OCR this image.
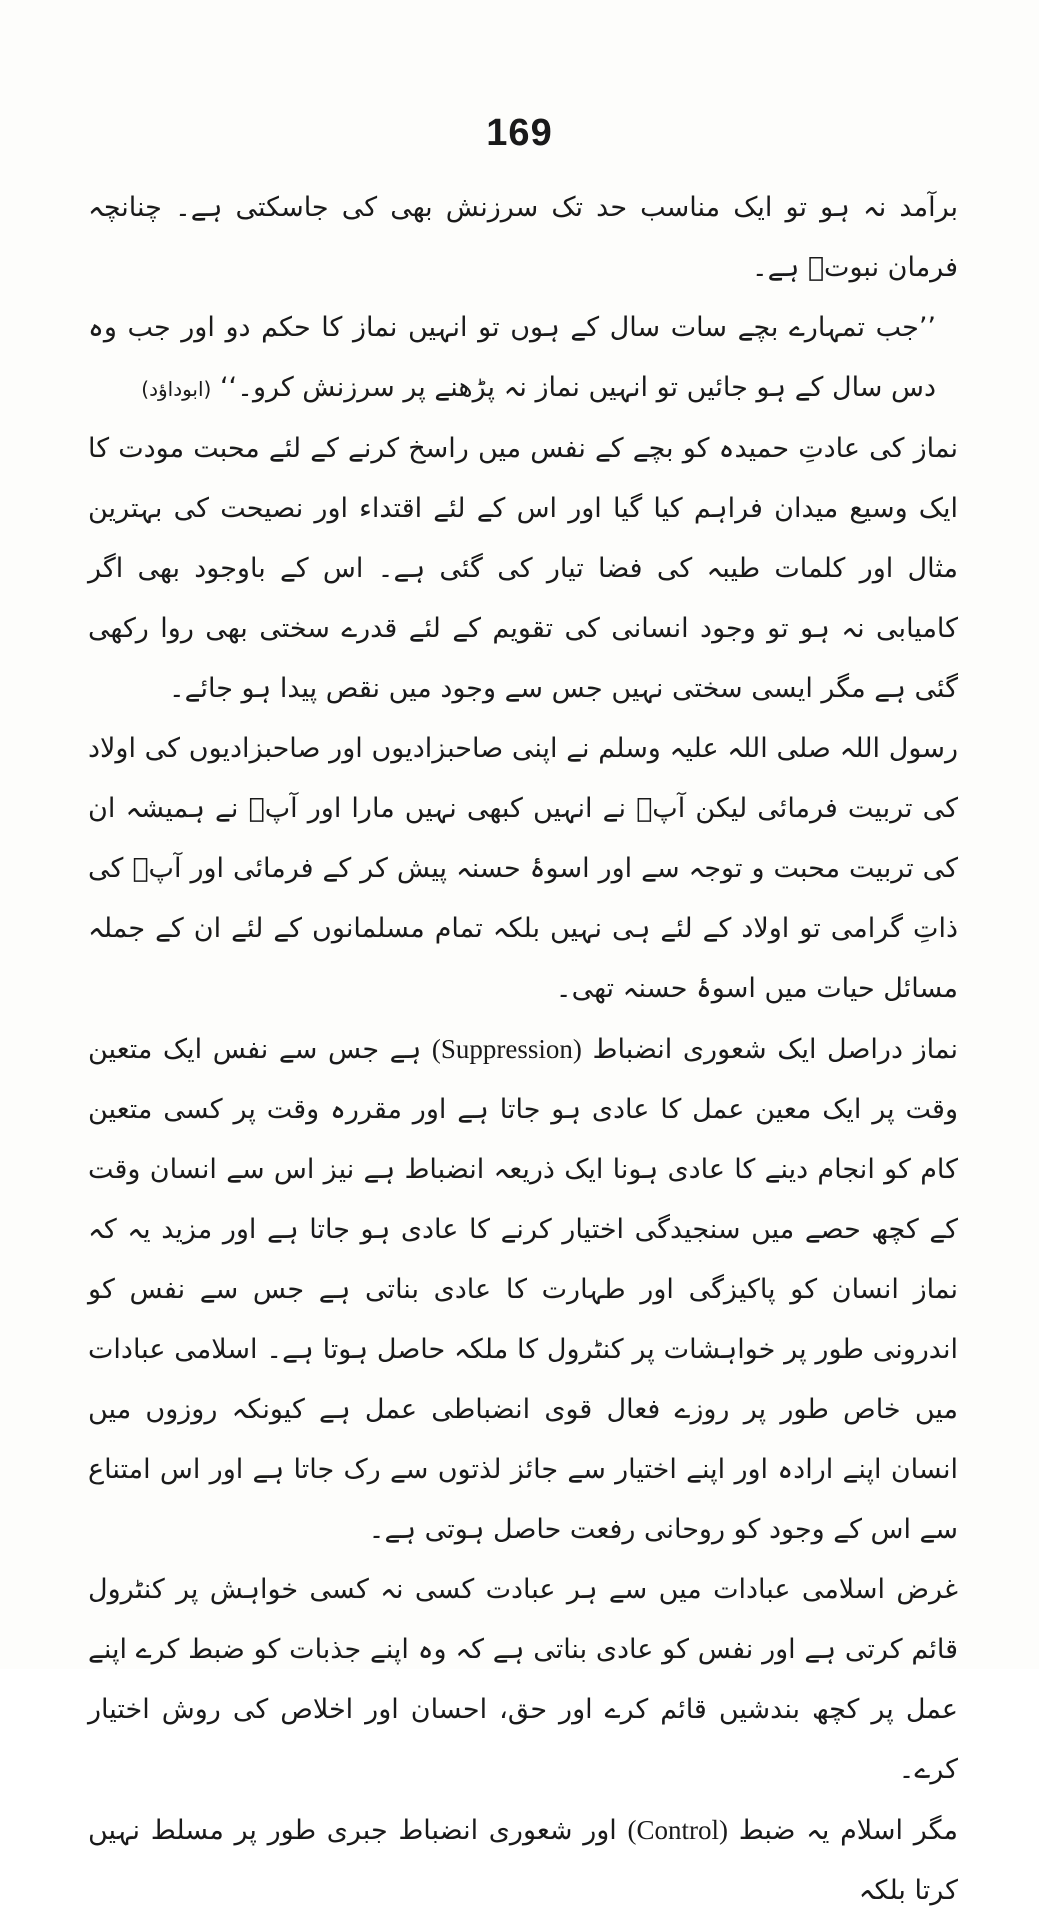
169

برآمد نہ ہو تو ایک مناسب حد تک سرزنش بھی کی جاسکتی ہے۔ چنانچہ فرمان نبوتؐ ہے۔

’’جب تمہارے بچے سات سال کے ہوں تو انہیں نماز کا حکم دو اور جب وہ دس سال کے ہو جائیں تو انہیں نماز نہ پڑھنے پر سرزنش کرو۔‘‘ (ابوداؤد)

نماز کی عادتِ حمیدہ کو بچے کے نفس میں راسخ کرنے کے لئے محبت مودت کا ایک وسیع میدان فراہم کیا گیا اور اس کے لئے اقتداء اور نصیحت کی بہترین مثال اور کلمات طیبہ کی فضا تیار کی گئی ہے۔ اس کے باوجود بھی اگر کامیابی نہ ہو تو وجود انسانی کی تقویم کے لئے قدرے سختی بھی روا رکھی گئی ہے مگر ایسی سختی نہیں جس سے وجود میں نقص پیدا ہو جائے۔

رسول اللہ صلی اللہ علیہ وسلم نے اپنی صاحبزادیوں اور صاحبزادیوں کی اولاد کی تربیت فرمائی لیکن آپؐ نے انہیں کبھی نہیں مارا اور آپؐ نے ہمیشہ ان کی تربیت محبت و توجہ سے اور اسوۂ حسنہ پیش کر کے فرمائی اور آپؐ کی ذاتِ گرامی تو اولاد کے لئے ہی نہیں بلکہ تمام مسلمانوں کے لئے ان کے جملہ مسائل حیات میں اسوۂ حسنہ تھی۔

نماز دراصل ایک شعوری انضباط (Suppression) ہے جس سے نفس ایک متعین وقت پر ایک معین عمل کا عادی ہو جاتا ہے اور مقررہ وقت پر کسی متعین کام کو انجام دینے کا عادی ہونا ایک ذریعہ انضباط ہے نیز اس سے انسان وقت کے کچھ حصے میں سنجیدگی اختیار کرنے کا عادی ہو جاتا ہے اور مزید یہ کہ نماز انسان کو پاکیزگی اور طہارت کا عادی بناتی ہے جس سے نفس کو اندرونی طور پر خواہشات پر کنٹرول کا ملکہ حاصل ہوتا ہے۔ اسلامی عبادات میں خاص طور پر روزے فعال قوی انضباطی عمل ہے کیونکہ روزوں میں انسان اپنے ارادہ اور اپنے اختیار سے جائز لذتوں سے رک جاتا ہے اور اس امتناع سے اس کے وجود کو روحانی رفعت حاصل ہوتی ہے۔

غرض اسلامی عبادات میں سے ہر عبادت کسی نہ کسی خواہش پر کنٹرول قائم کرتی ہے اور نفس کو عادی بناتی ہے کہ وہ اپنے جذبات کو ضبط کرے اپنے عمل پر کچھ بندشیں قائم کرے اور حق، احسان اور اخلاص کی روش اختیار کرے۔

مگر اسلام یہ ضبط (Control) اور شعوری انضباط جبری طور پر مسلط نہیں کرتا بلکہ
